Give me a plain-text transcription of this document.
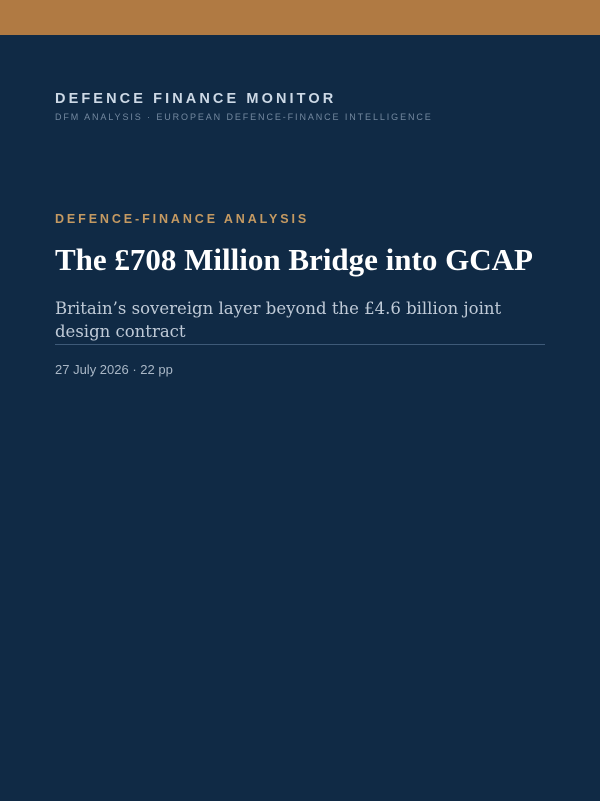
DEFENCE FINANCE MONITOR
DFM ANALYSIS · EUROPEAN DEFENCE-FINANCE INTELLIGENCE
DEFENCE-FINANCE ANALYSIS
The £708 Million Bridge into GCAP
Britain’s sovereign layer beyond the £4.6 billion joint design contract
27 July 2026 · 22 pp
